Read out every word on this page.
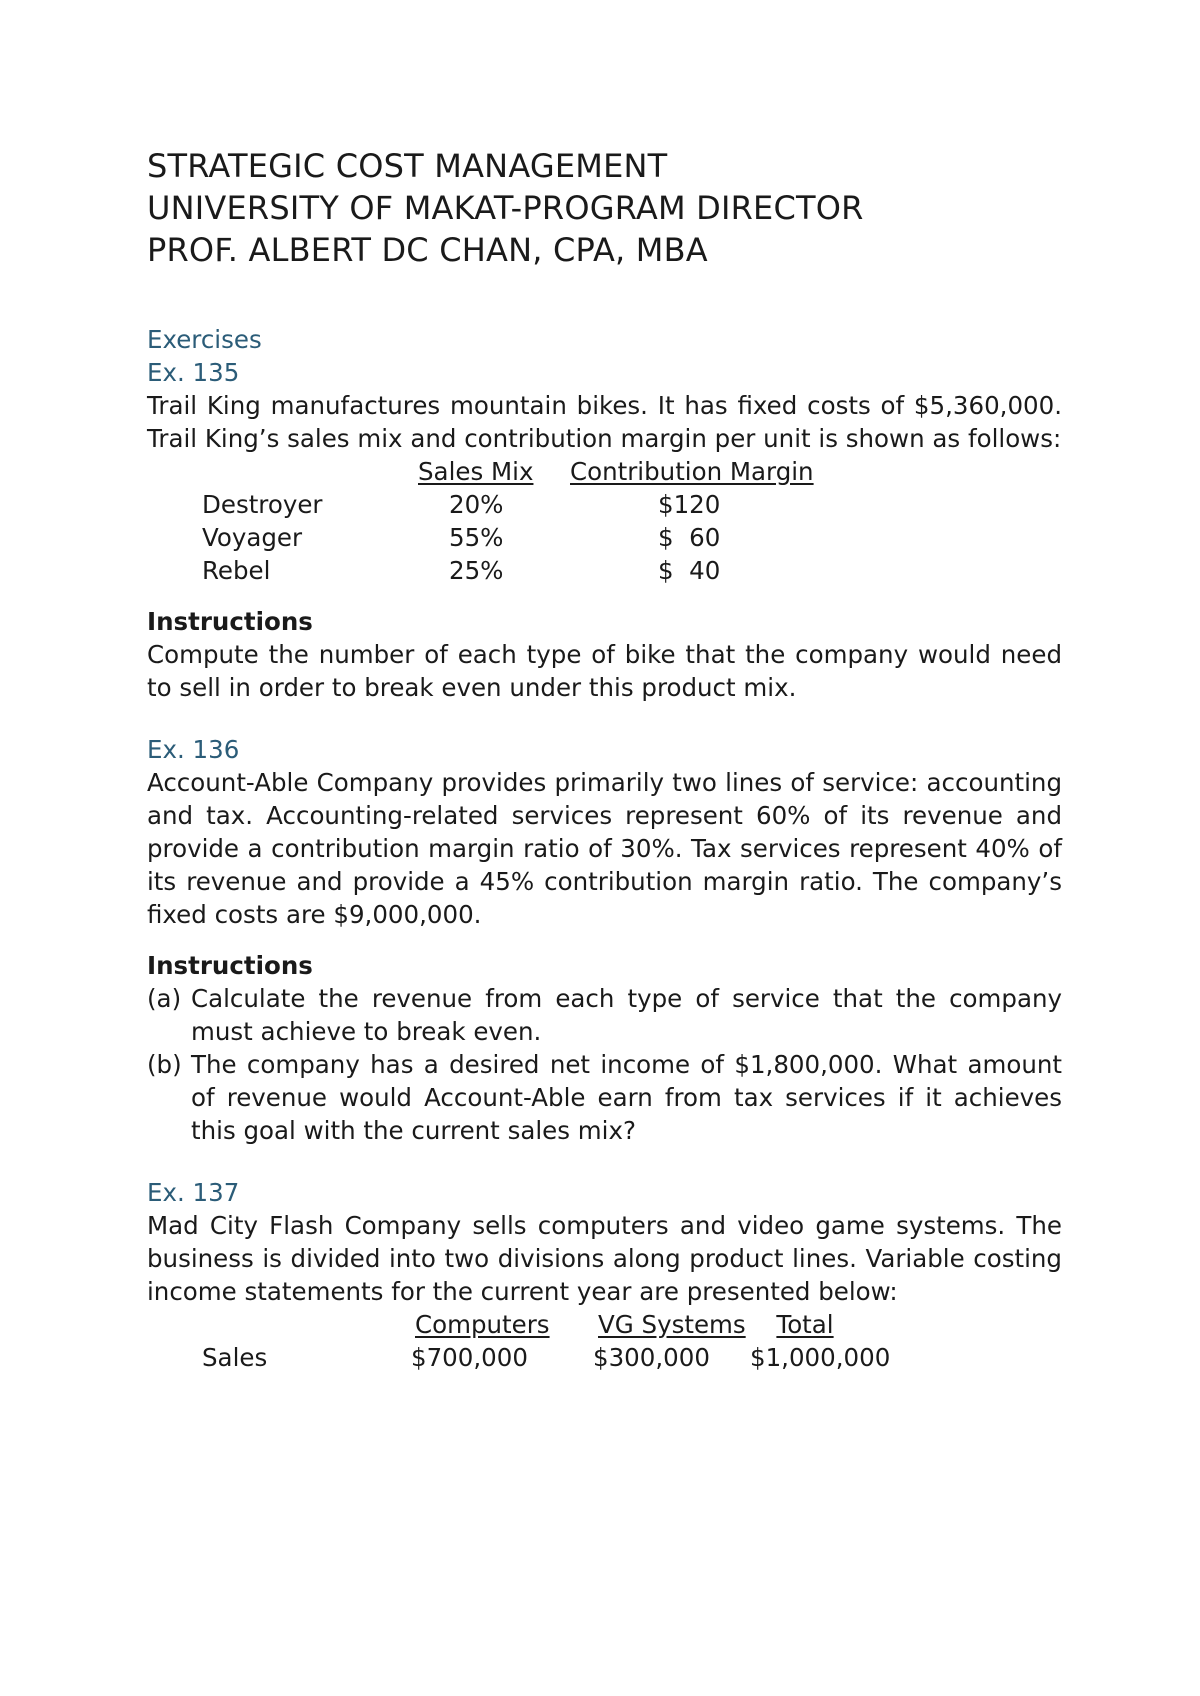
STRATEGIC COST MANAGEMENT
UNIVERSITY OF MAKAT-PROGRAM DIRECTOR
PROF. ALBERT DC CHAN, CPA, MBA
Exercises
Ex. 135
Trail King manufactures mountain bikes. It has fixed costs of $5,360,000. Trail King’s sales mix and contribution margin per unit is shown as follows:
Sales Mix Contribution Margin
Destroyer	20%	$120
Voyager	55%	$  60
Rebel	25%	$  40
Instructions
Compute the number of each type of bike that the company would need to sell in order to break even under this product mix.
Ex. 136
Account-Able Company provides primarily two lines of service: accounting and tax. Accounting-related services represent 60% of its revenue and provide a contribution margin ratio of 30%. Tax services represent 40% of its revenue and provide a 45% contribution margin ratio. The company’s fixed costs are $9,000,000.
Instructions
(a) Calculate the revenue from each type of service that the company must achieve to break even.
(b) The company has a desired net income of $1,800,000. What amount of revenue would Account-Able earn from tax services if it achieves this goal with the current sales mix?
Ex. 137
Mad City Flash Company sells computers and video game systems. The business is divided into two divisions along product lines. Variable costing income statements for the current year are presented below:
Computers VG Systems	Total
Sales	$700,000	$300,000 $1,000,000
